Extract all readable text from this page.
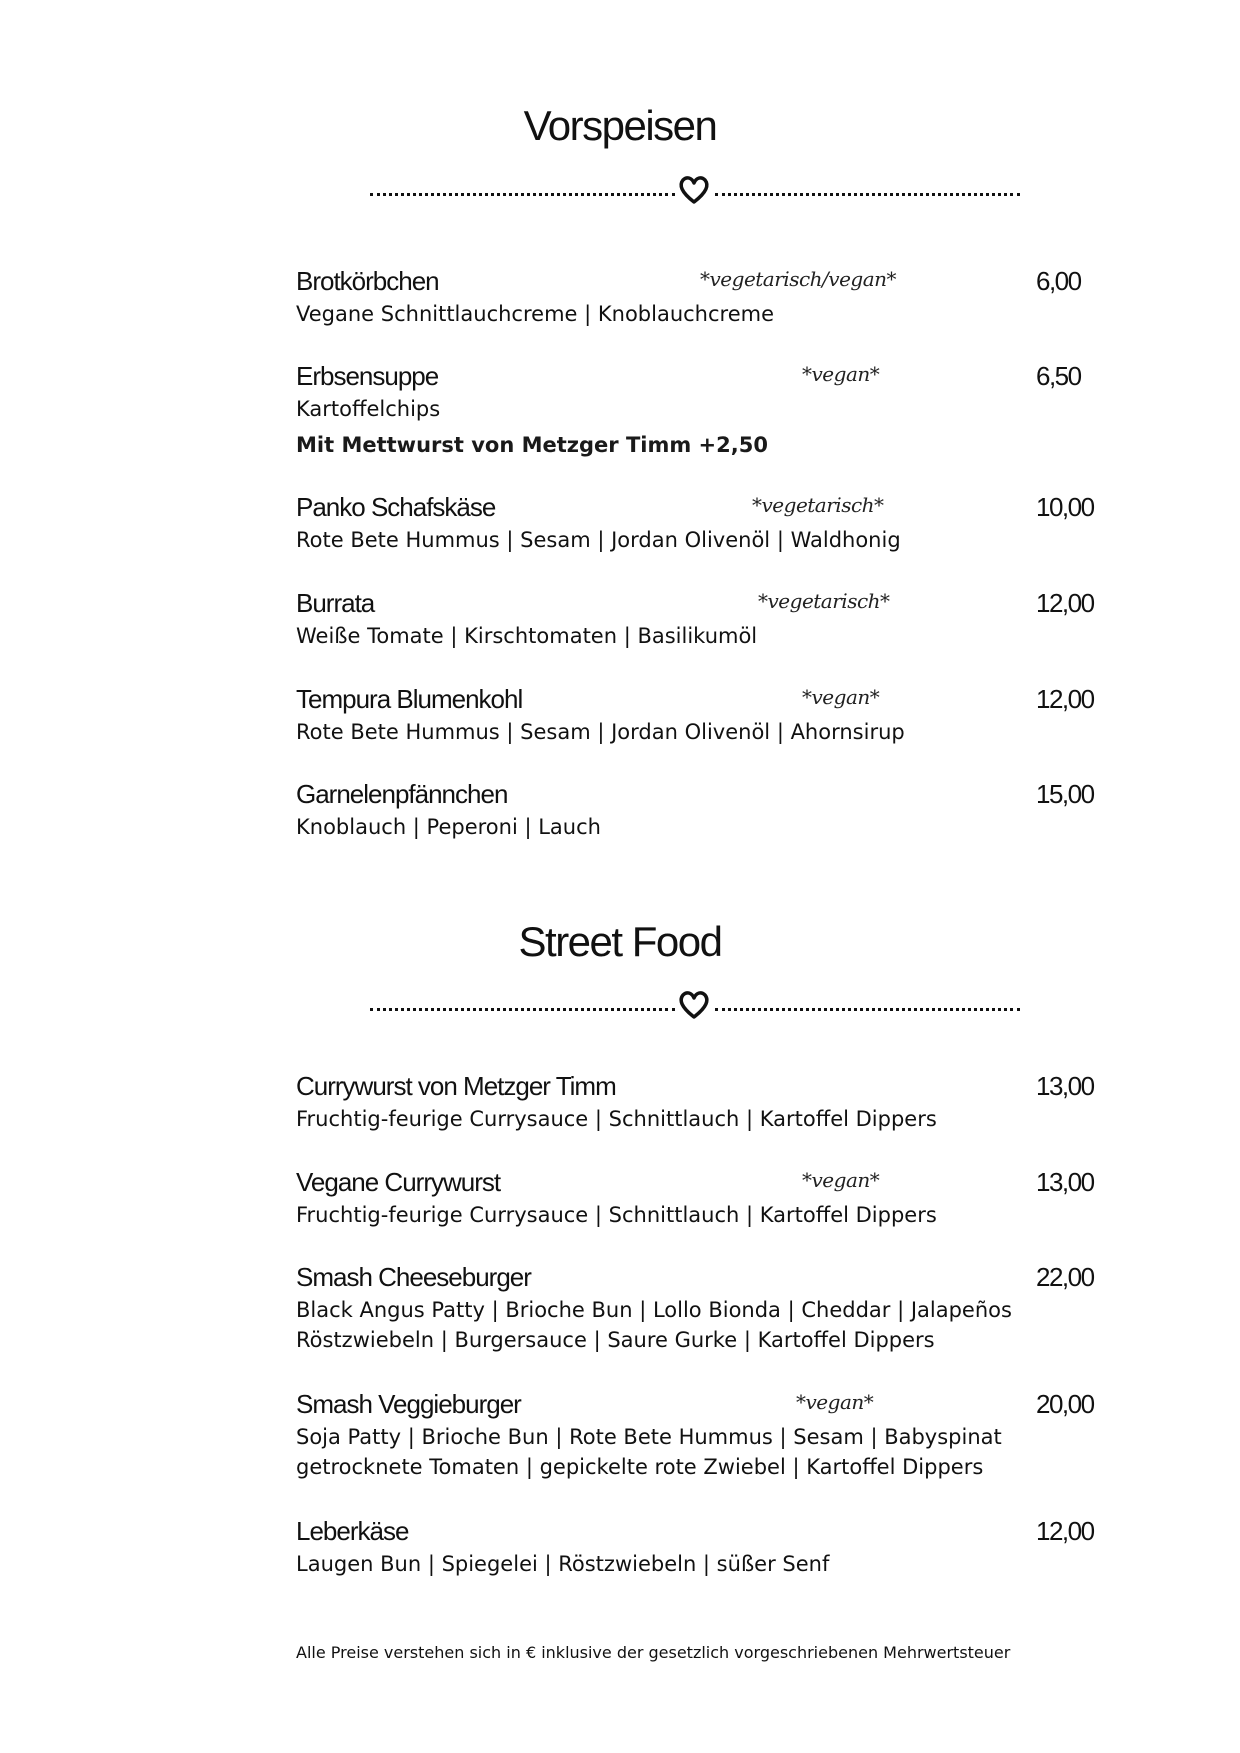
Vorspeisen
Brotkörbchen	*vegetarisch/vegan*	6,00
Vegane Schnittlauchcreme | Knoblauchcreme
Erbsensuppe	*vegan*	6,50
Kartoffelchips
Mit Mettwurst von Metzger Timm +2,50
Panko Schafskäse	*vegetarisch*	10,00
Rote Bete Hummus | Sesam | Jordan Olivenöl | Waldhonig
Burrata	*vegetarisch*	12,00
Weiße Tomate | Kirschtomaten | Basilikumöl
Tempura Blumenkohl	*vegan*	12,00
Rote Bete Hummus | Sesam | Jordan Olivenöl | Ahornsirup
Garnelenpfännchen	15,00
Knoblauch | Peperoni | Lauch
Street Food
Currywurst von Metzger Timm	13,00
Fruchtig-feurige Currysauce | Schnittlauch | Kartoffel Dippers
Vegane Currywurst	*vegan*	13,00
Fruchtig-feurige Currysauce | Schnittlauch | Kartoffel Dippers
Smash Cheeseburger	22,00
Black Angus Patty | Brioche Bun | Lollo Bionda | Cheddar | Jalapeños
Röstzwiebeln | Burgersauce | Saure Gurke | Kartoffel Dippers
Smash Veggieburger	*vegan*	20,00
Soja Patty | Brioche Bun | Rote Bete Hummus | Sesam | Babyspinat
getrocknete Tomaten | gepickelte rote Zwiebel | Kartoffel Dippers
Leberkäse	12,00
Laugen Bun | Spiegelei | Röstzwiebeln | süßer Senf
Alle Preise verstehen sich in € inklusive der gesetzlich vorgeschriebenen Mehrwertsteuer
